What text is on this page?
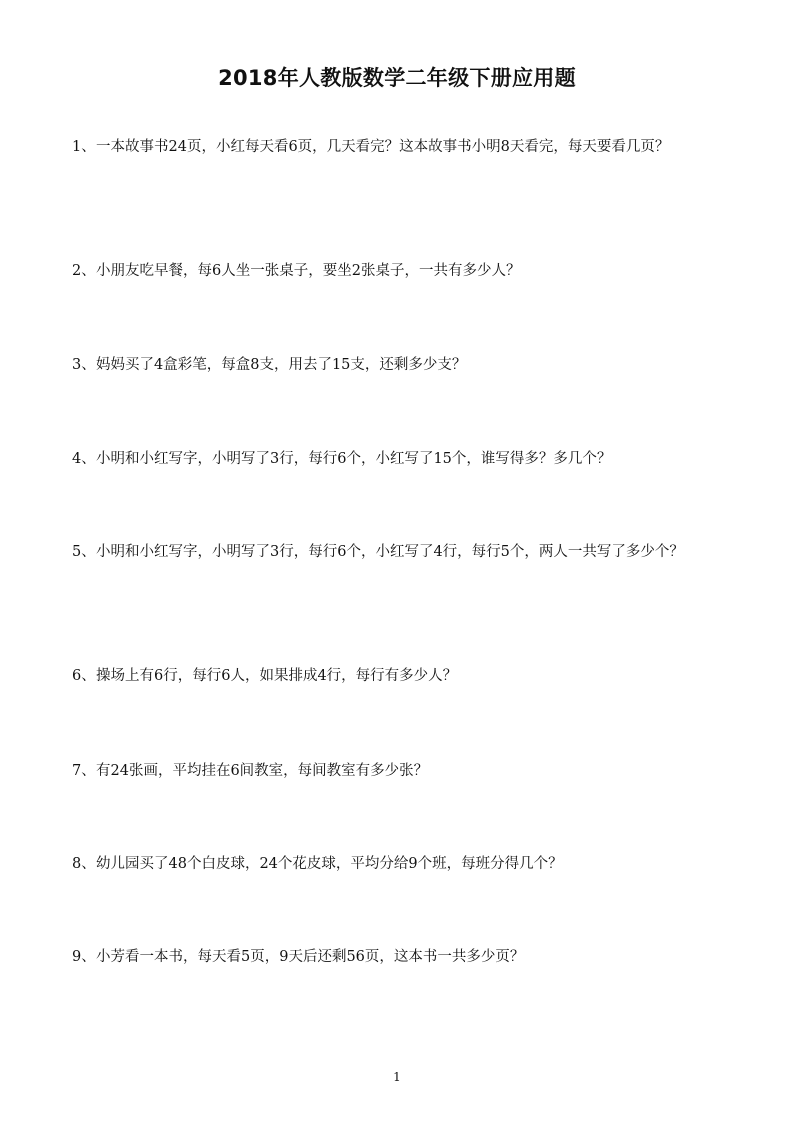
2018年人教版数学二年级下册应用题
1、 一本故事书24页，小红每天看6页，几天看完？这本故事书小明8天看完，每天要看几页？
2、 小朋友吃早餐，每6人坐一张桌子，要坐2张桌子，一共有多少人？
3、 妈妈买了4盒彩笔，每盒8支，用去了15支，还剩多少支？
4、 小明和小红写字，小明写了3行，每行6个，小红写了15个，谁写得多？多几个？
5、 小明和小红写字，小明写了3行，每行6个，小红写了4行，每行5个，两人一共写了多少个？
6、 操场上有6行，每行6人，如果排成4行，每行有多少人？
7、 有24张画，平均挂在6间教室，每间教室有多少张？
8、 幼儿园买了48个白皮球，24个花皮球，平均分给9个班，每班分得几个？
9、 小芳看一本书，每天看5页，9天后还剩56页，这本书一共多少页？
1
